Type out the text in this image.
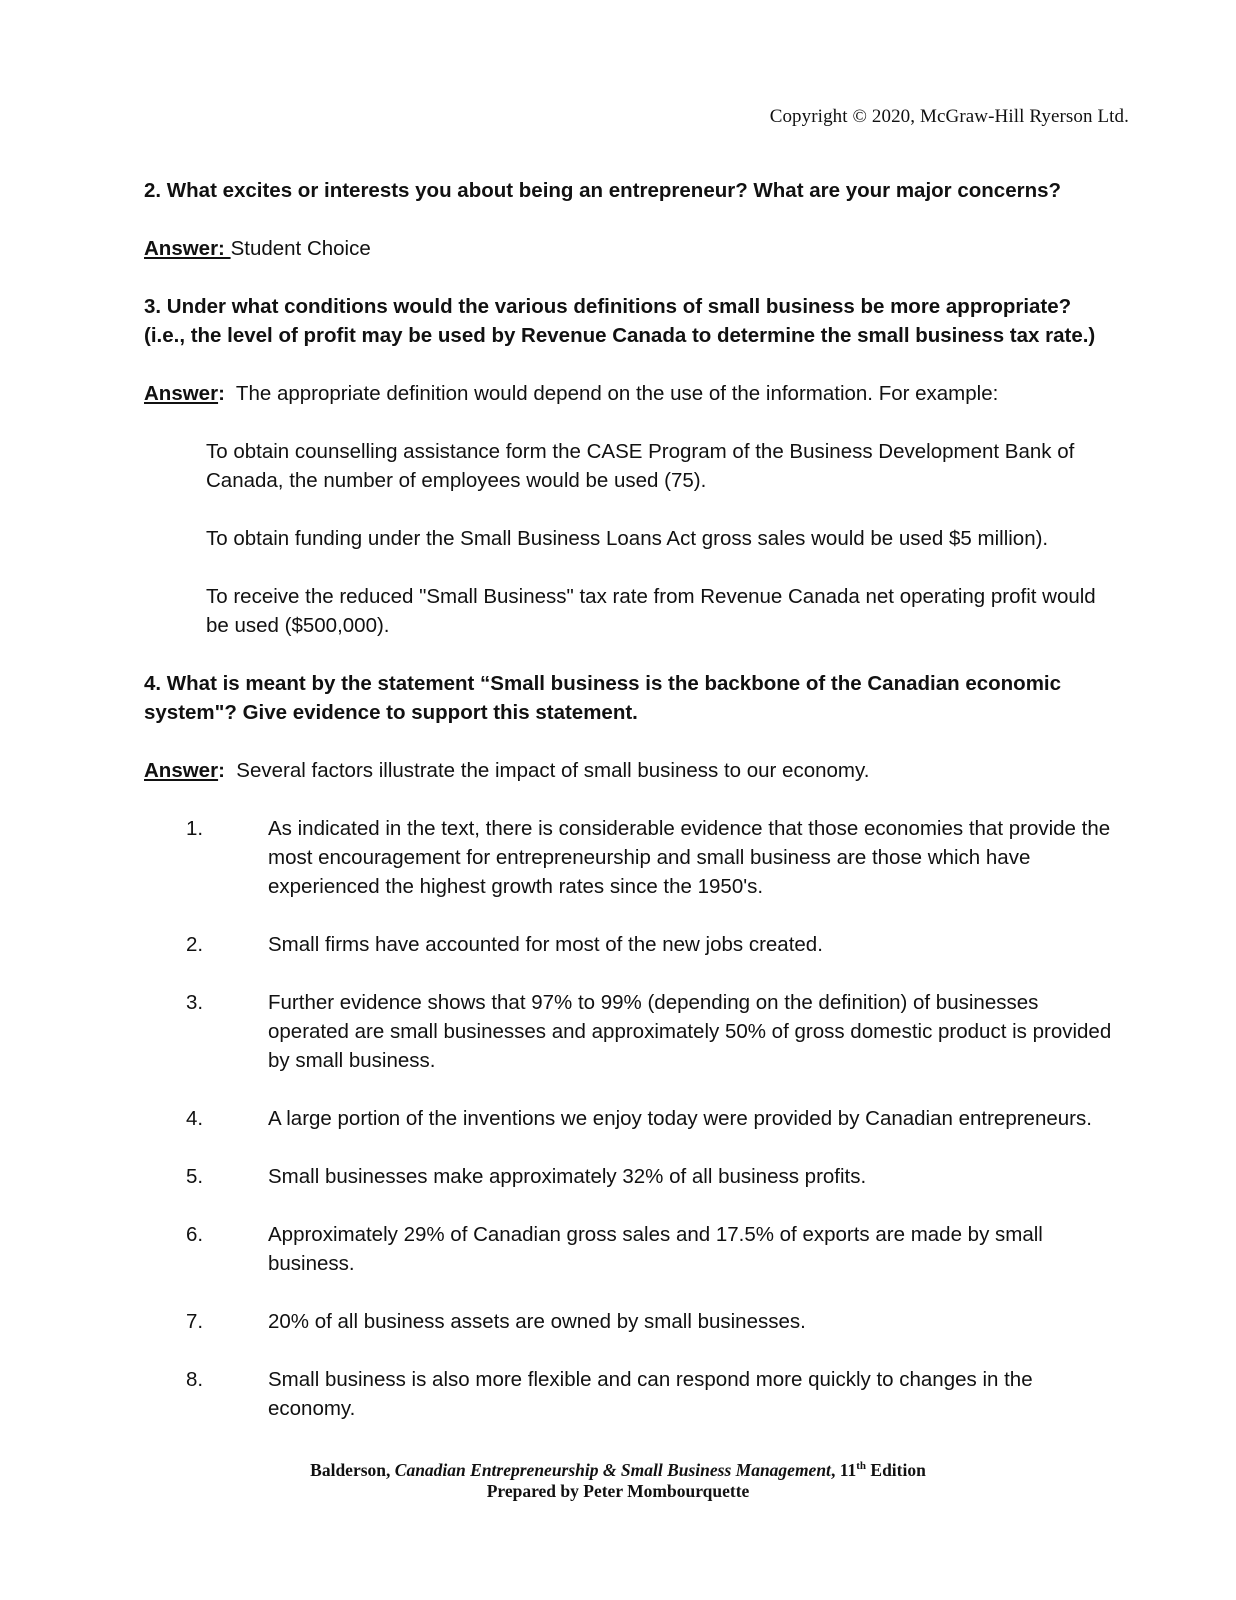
Copyright © 2020, McGraw-Hill Ryerson Ltd.

2. What excites or interests you about being an entrepreneur? What are your major concerns?

Answer: Student Choice

3. Under what conditions would the various definitions of small business be more appropriate?
(i.e., the level of profit may be used by Revenue Canada to determine the small business tax rate.)

Answer: The appropriate definition would depend on the use of the information. For example:

To obtain counselling assistance form the CASE Program of the Business Development Bank of Canada, the number of employees would be used (75).

To obtain funding under the Small Business Loans Act gross sales would be used $5 million).

To receive the reduced "Small Business" tax rate from Revenue Canada net operating profit would be used ($500,000).

4. What is meant by the statement “Small business is the backbone of the Canadian economic system"? Give evidence to support this statement.

Answer: Several factors illustrate the impact of small business to our economy.

1.	As indicated in the text, there is considerable evidence that those economies that provide the most encouragement for entrepreneurship and small business are those which have experienced the highest growth rates since the 1950's.
2.	Small firms have accounted for most of the new jobs created.
3.	Further evidence shows that 97% to 99% (depending on the definition) of businesses operated are small businesses and approximately 50% of gross domestic product is provided by small business.
4.	A large portion of the inventions we enjoy today were provided by Canadian entrepreneurs.
5.	Small businesses make approximately 32% of all business profits.
6.	Approximately 29% of Canadian gross sales and 17.5% of exports are made by small business.
7.	20% of all business assets are owned by small businesses.
8.	Small business is also more flexible and can respond more quickly to changes in the economy.
Balderson, Canadian Entrepreneurship & Small Business Management, 11th Edition
Prepared by Peter Mombourquette
